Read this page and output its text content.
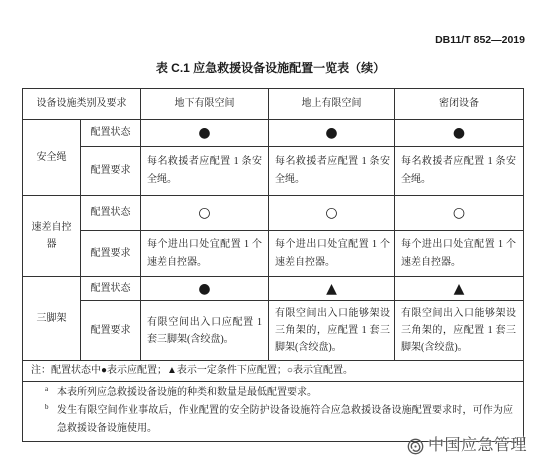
DB11/T 852—2019
表 C.1 应急救援设备设施配置一览表（续）
设备设施类别及要求		地下有限空间	地上有限空间	密闭设备

安全绳	配置状态	●	●	●
	配置要求	每名救援者应配置 1 条安全绳。	每名救援者应配置 1 条安全绳。	每名救援者应配置 1 条安全绳。

速差自控器	配置状态	○	○	○
	配置要求	每个进出口处宜配置 1 个速差自控器。	每个进出口处宜配置 1 个速差自控器。	每个进出口处宜配置 1 个速差自控器。

三脚架	配置状态	●	▲	▲
	配置要求	有限空间出入口应配置 1 套三脚架(含绞盘)。	有限空间出入口能够架设三角架的，应配置 1 套三脚架(含绞盘)。	有限空间出入口能够架设三角架的，应配置 1 套三脚架(含绞盘)。

注：配置状态中●表示应配置；▲表示一定条件下应配置；○表示宜配置。				

a 本表所列应急救援设备设施的种类和数量是最低配置要求。
b 发生有限空间作业事故后，作业配置的安全防护设备设施符合应急救援设备设施配置要求时，可作为应急救援设备设施使用。				
中国应急管理
